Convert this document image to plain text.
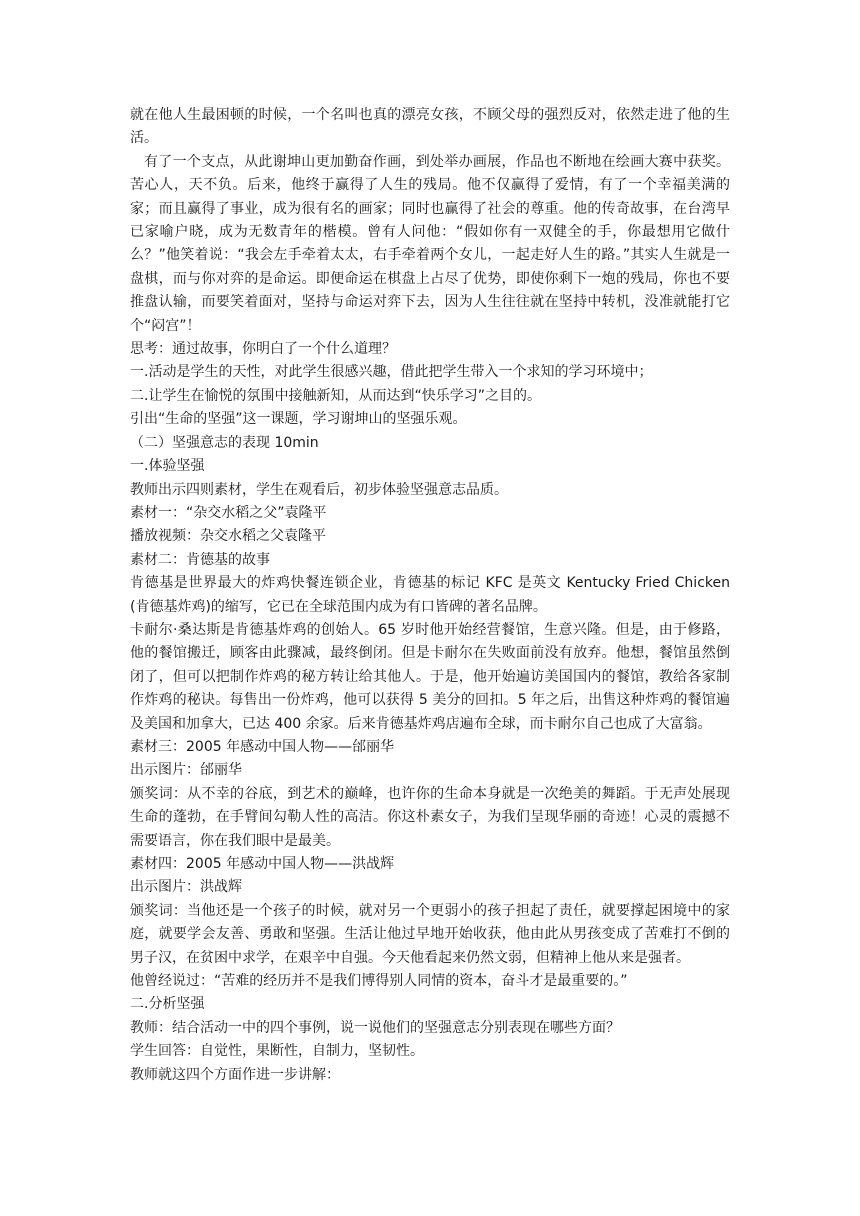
就在他人生最困顿的时候，一个名叫也真的漂亮女孩，不顾父母的强烈反对，依然走进了他的生活。

有了一个支点，从此谢坤山更加勤奋作画，到处举办画展，作品也不断地在绘画大赛中获奖。苦心人，天不负。后来，他终于赢得了人生的残局。他不仅赢得了爱情，有了一个幸福美满的家；而且赢得了事业，成为很有名的画家；同时也赢得了社会的尊重。他的传奇故事，在台湾早已家喻户晓，成为无数青年的楷模。曾有人问他：“假如你有一双健全的手，你最想用它做什么？”他笑着说：“我会左手牵着太太，右手牵着两个女儿，一起走好人生的路。”其实人生就是一盘棋，而与你对弈的是命运。即便命运在棋盘上占尽了优势，即使你剩下一炮的残局，你也不要推盘认输，而要笑着面对，坚持与命运对弈下去，因为人生往往就在坚持中转机，没准就能打它个“闷宫”！

思考：通过故事，你明白了一个什么道理？

一.活动是学生的天性，对此学生很感兴趣，借此把学生带入一个求知的学习环境中；

二.让学生在愉悦的氛围中接触新知，从而达到“快乐学习”之目的。

引出“生命的坚强”这一课题，学习谢坤山的坚强乐观。

（二）坚强意志的表现 10min

一.体验坚强

教师出示四则素材，学生在观看后，初步体验坚强意志品质。

素材一：“杂交水稻之父”袁隆平

播放视频：杂交水稻之父袁隆平

素材二：肯德基的故事

肯德基是世界最大的炸鸡快餐连锁企业，肯德基的标记 KFC 是英文 Kentucky Fried Chicken (肯德基炸鸡)的缩写，它已在全球范围内成为有口皆碑的著名品牌。

卡耐尔·桑达斯是肯德基炸鸡的创始人。65 岁时他开始经营餐馆，生意兴隆。但是，由于修路，他的餐馆搬迁，顾客由此骤减，最终倒闭。但是卡耐尔在失败面前没有放弃。他想，餐馆虽然倒闭了，但可以把制作炸鸡的秘方转让给其他人。于是，他开始遍访美国国内的餐馆，教给各家制作炸鸡的秘诀。每售出一份炸鸡，他可以获得 5 美分的回扣。5 年之后，出售这种炸鸡的餐馆遍及美国和加拿大，已达 400 余家。后来肯德基炸鸡店遍布全球，而卡耐尔自己也成了大富翁。

素材三：2005 年感动中国人物——邰丽华

出示图片：邰丽华

颁奖词：从不幸的谷底，到艺术的巅峰，也许你的生命本身就是一次绝美的舞蹈。于无声处展现生命的蓬勃，在手臂间勾勒人性的高洁。你这朴素女子，为我们呈现华丽的奇迹！心灵的震撼不需要语言，你在我们眼中是最美。

素材四：2005 年感动中国人物——洪战辉

出示图片：洪战辉

颁奖词：当他还是一个孩子的时候，就对另一个更弱小的孩子担起了责任，就要撑起困境中的家庭，就要学会友善、勇敢和坚强。生活让他过早地开始收获，他由此从男孩变成了苦难打不倒的男子汉，在贫困中求学，在艰辛中自强。今天他看起来仍然文弱，但精神上他从来是强者。

他曾经说过：“苦难的经历并不是我们博得别人同情的资本，奋斗才是最重要的。”

二.分析坚强

教师：结合活动一中的四个事例，说一说他们的坚强意志分别表现在哪些方面？

学生回答：自觉性，果断性，自制力，坚韧性。

教师就这四个方面作进一步讲解：
